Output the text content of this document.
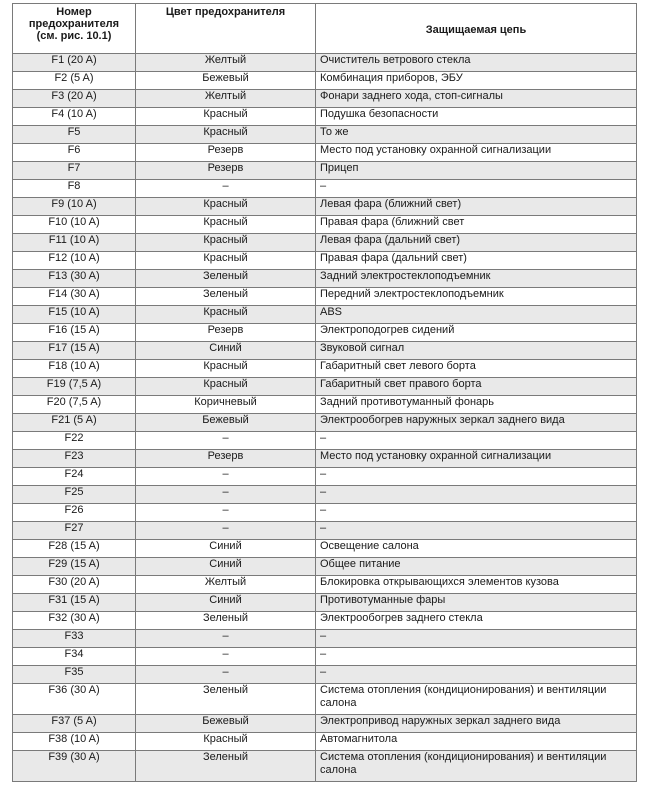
Номер предохранителя (см. рис. 10.1)	Цвет предохранителя	Защищаемая цепь
F1 (20 A)	Желтый	Очиститель ветрового стекла
F2 (5 A)	Бежевый	Комбинация приборов, ЭБУ
F3 (20 A)	Желтый	Фонари заднего хода, стоп-сигналы
F4 (10 A)	Красный	Подушка безопасности
F5	Красный	То же
F6	Резерв	Место под установку охранной сигнализации
F7	Резерв	Прицеп
F8	–	–
F9 (10 A)	Красный	Левая фара (ближний свет)
F10 (10 A)	Красный	Правая фара (ближний свет
F11 (10 A)	Красный	Левая фара (дальний свет)
F12 (10 A)	Красный	Правая фара (дальний свет)
F13 (30 A)	Зеленый	Задний электростеклоподъемник
F14 (30 A)	Зеленый	Передний электростеклоподъемник
F15 (10 A)	Красный	ABS
F16 (15 A)	Резерв	Электроподогрев сидений
F17 (15 A)	Синий	Звуковой сигнал
F18 (10 A)	Красный	Габаритный свет левого борта
F19 (7,5 A)	Красный	Габаритный свет правого борта
F20 (7,5 A)	Коричневый	Задний противотуманный фонарь
F21 (5 A)	Бежевый	Электрообогрев наружных зеркал заднего вида
F22	–	–
F23	Резерв	Место под установку охранной сигнализации
F24	–	–
F25	–	–
F26	–	–
F27	–	–
F28 (15 A)	Синий	Освещение салона
F29 (15 A)	Синий	Общее питание
F30 (20 A)	Желтый	Блокировка открывающихся элементов кузова
F31 (15 A)	Синий	Противотуманные фары
F32 (30 A)	Зеленый	Электрообогрев заднего стекла
F33	–	–
F34	–	–
F35	–	–
F36 (30 A)	Зеленый	Система отопления (кондиционирования) и вентиляции салона
F37 (5 A)	Бежевый	Электропривод наружных зеркал заднего вида
F38 (10 A)	Красный	Автомагнитола
F39 (30 A)	Зеленый	Система отопления (кондиционирования) и вентиляции салона
